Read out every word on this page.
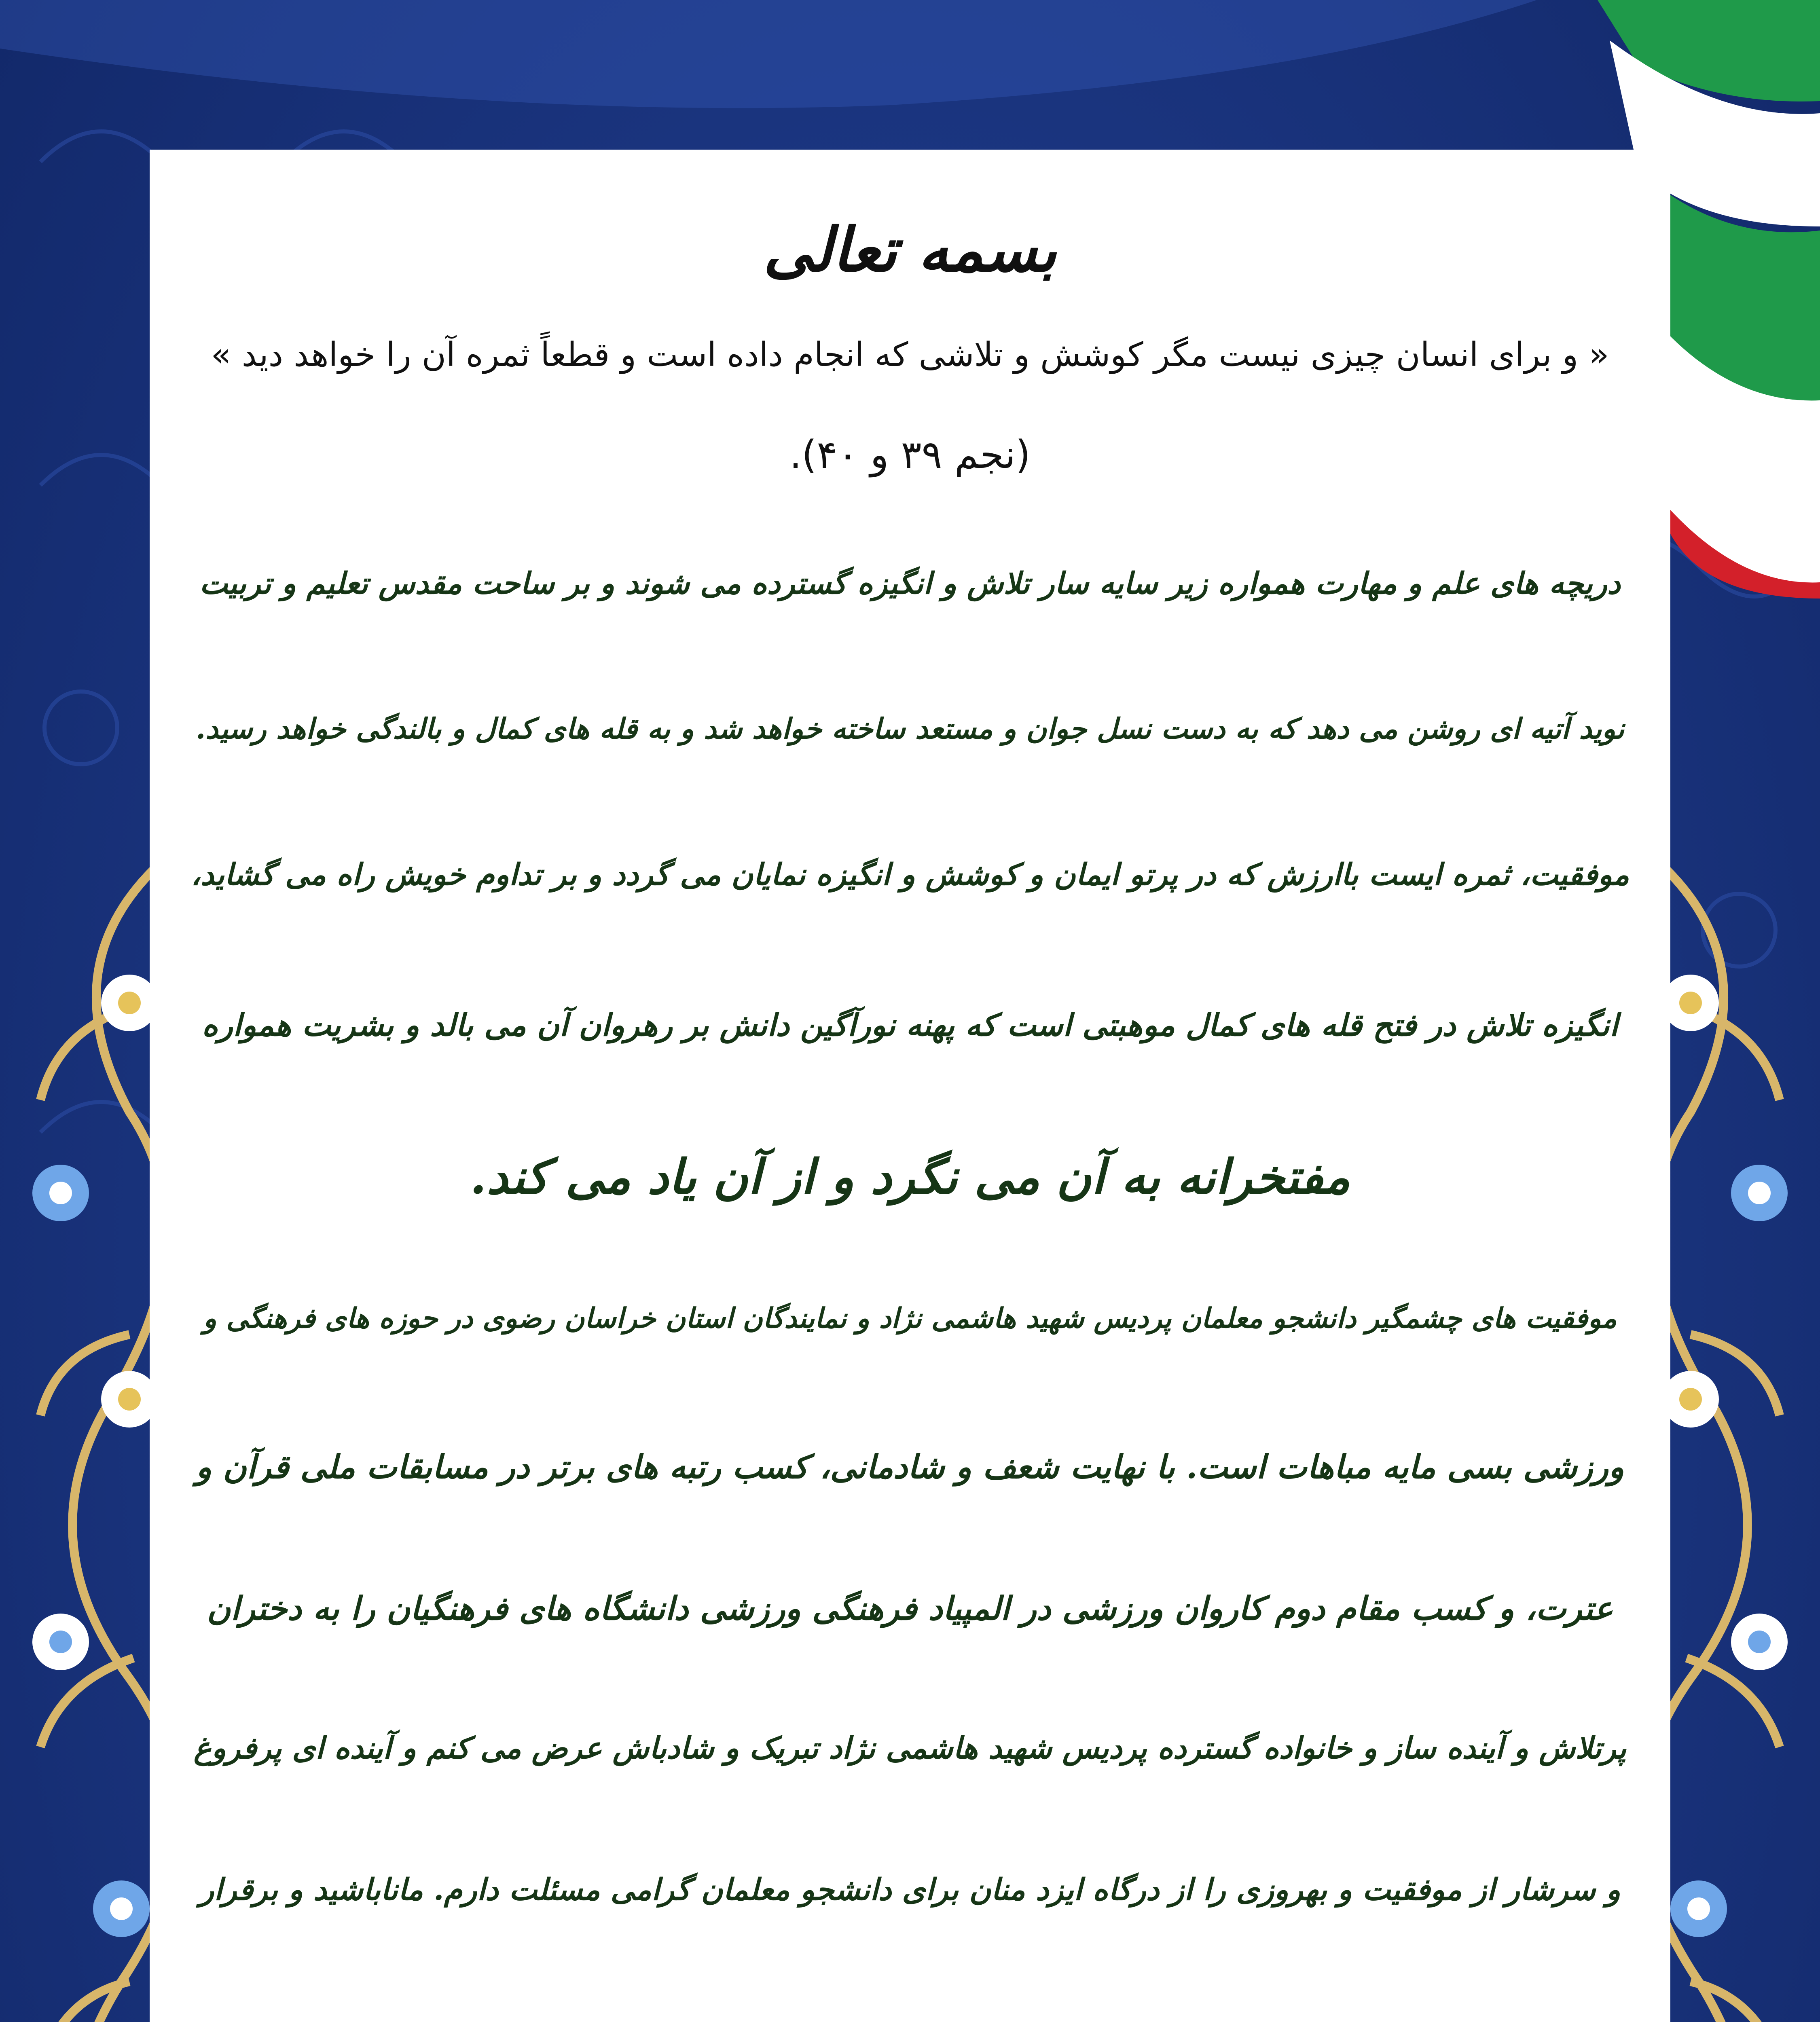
بسمه تعالی
« و برای انسان چیزی نیست مگر کوشش و تلاشی که انجام داده است و قطعاً ثمره آن را خواهد دید »
(نجم ۳۹ و ۴۰).
دریچه های علم و مهارت همواره زیر سایه سار تلاش و انگیزه گسترده می شوند و بر ساحت مقدس تعلیم و تربیت
نوید آتیه ای روشن می دهد که به دست نسل جوان و مستعد ساخته خواهد شد و به قله های کمال و بالندگی خواهد رسید.
موفقیت، ثمره ایست باارزش که در پرتو ایمان و کوشش و انگیزه نمایان می گردد و بر تداوم خویش راه می گشاید،
انگیزه تلاش در فتح قله های کمال موهبتی است که پهنه نورآگین دانش بر رهروان آن می بالد و بشریت همواره
مفتخرانه به آن می نگرد و از آن یاد می کند.
موفقیت های چشمگیر دانشجو معلمان پردیس شهید هاشمی نژاد و نمایندگان استان خراسان رضوی در حوزه های فرهنگی و
ورزشی بسی مایه مباهات است. با نهایت شعف و شادمانی، کسب رتبه های برتر در مسابقات ملی قرآن و
عترت، و کسب مقام دوم کاروان ورزشی در المپیاد فرهنگی ورزشی دانشگاه های فرهنگیان را به دختران
پرتلاش و آینده ساز و خانواده گسترده پردیس شهید هاشمی نژاد تبریک و شادباش عرض می کنم و آینده ای پرفروغ
و سرشار از موفقیت و بهروزی را از درگاه ایزد منان برای دانشجو معلمان گرامی مسئلت دارم. ماناباشید و برقرار
